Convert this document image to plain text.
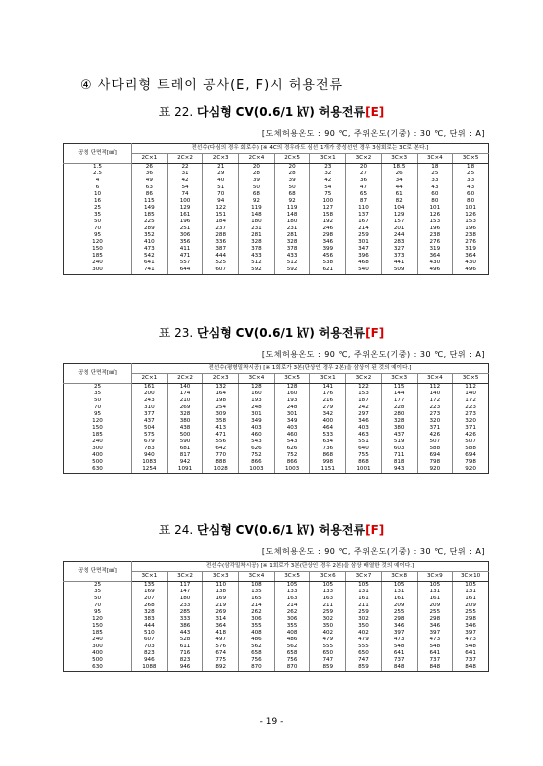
④ 사다리형 트레이 공사(E, F)시 허용전류
표 22. 다심형 CV(0.6/1 ㎸) 허용전류[E]
[도체허용온도 : 90 ℃, 주위온도(기중) : 30 ℃, 단위 : A]
공칭 단면적[㎟]	전선수(다심의 경우 회로수) [※ 4C의 경우라도 심선 1개가 중성선인 경우 3심회로는 3C로 본다.]									
	2C×1	2C×2	2C×3	2C×4	2C×5	3C×1	3C×2	3C×3	3C×4	3C×5
1.5	26	22	21	20	20	23	20	18.5	18	18
2.5	36	31	29	28	28	32	27	26	25	25
4	49	42	40	39	39	42	36	34	33	33
6	63	54	51	50	50	54	47	44	43	43
10	86	74	70	68	68	75	65	61	60	60
16	115	100	94	92	92	100	87	82	80	80
25	149	129	122	119	119	127	110	104	101	101
35	185	161	151	148	148	158	137	129	126	126
50	225	196	184	180	180	192	167	157	153	153
70	289	251	237	231	231	246	214	201	196	196
95	352	306	288	281	281	298	259	244	238	238
120	410	356	336	328	328	346	301	283	276	276
150	473	411	387	378	378	399	347	327	319	319
185	542	471	444	433	433	456	396	373	364	364
240	641	557	525	512	512	538	468	441	430	430
300	741	644	607	592	592	621	540	509	496	496
표 23. 단심형 CV(0.6/1 ㎸) 허용전류[F]
[도체허용온도 : 90 ℃, 주위온도(기중) : 30 ℃, 단위 : A]
공칭 단면적[㎟]	전선수(평형밀착시공) [※ 1회로가 3본(단상인 경우 2본)을 삼상이 된 것의 예이다.]									
	2C×1	2C×2	2C×3	3C×4	3C×5	3C×1	3C×2	3C×3	3C×4	3C×5
25	161	140	132	128	128	141	122	115	112	112
35	200	174	164	160	160	176	153	144	140	140
50	243	210	198	193	193	216	187	177	172	172
70	310	269	254	248	248	279	242	228	223	223
95	377	328	309	301	301	342	297	280	273	273
120	437	380	358	349	349	400	346	328	320	320
150	504	438	413	403	403	464	403	380	371	371
185	575	500	471	460	460	533	463	437	426	426
240	679	590	556	543	543	634	551	519	507	507
300	783	681	642	626	626	736	640	603	588	588
400	940	817	770	752	752	868	755	711	694	694
500	1083	942	888	866	866	998	868	818	798	798
630	1254	1091	1028	1003	1003	1151	1001	943	920	920
표 24. 단심형 CV(0.6/1 ㎸) 허용전류[F]
[도체허용온도 : 90 ℃, 주위온도(기중) : 30 ℃, 단위 : A]
공칭 단면적[㎟]	전선수(삼각밀착시공) [※ 1회로가 3본(단상인 경우 2본)을 삼상 배열한 것의 예이다.]									
	3C×1	3C×2	3C×3	3C×4	3C×5	3C×6	3C×7	3C×8	3C×9	3C×10
25	135	117	110	108	105	105	105	105	105	105
35	169	147	138	135	133	133	131	131	131	131
50	207	180	169	165	163	163	161	161	161	161
70	268	233	219	214	214	211	211	209	209	209
95	328	285	269	262	262	259	259	255	255	255
120	383	333	314	306	306	302	302	298	298	298
150	444	386	364	355	355	350	350	346	346	346
185	510	443	418	408	408	402	402	397	397	397
240	607	528	497	486	486	479	479	473	473	473
300	703	611	576	562	562	555	555	548	548	548
400	823	716	674	658	658	650	650	641	641	641
500	946	823	775	756	756	747	747	737	737	737
630	1088	946	892	870	870	859	859	848	848	848
- 19 -
